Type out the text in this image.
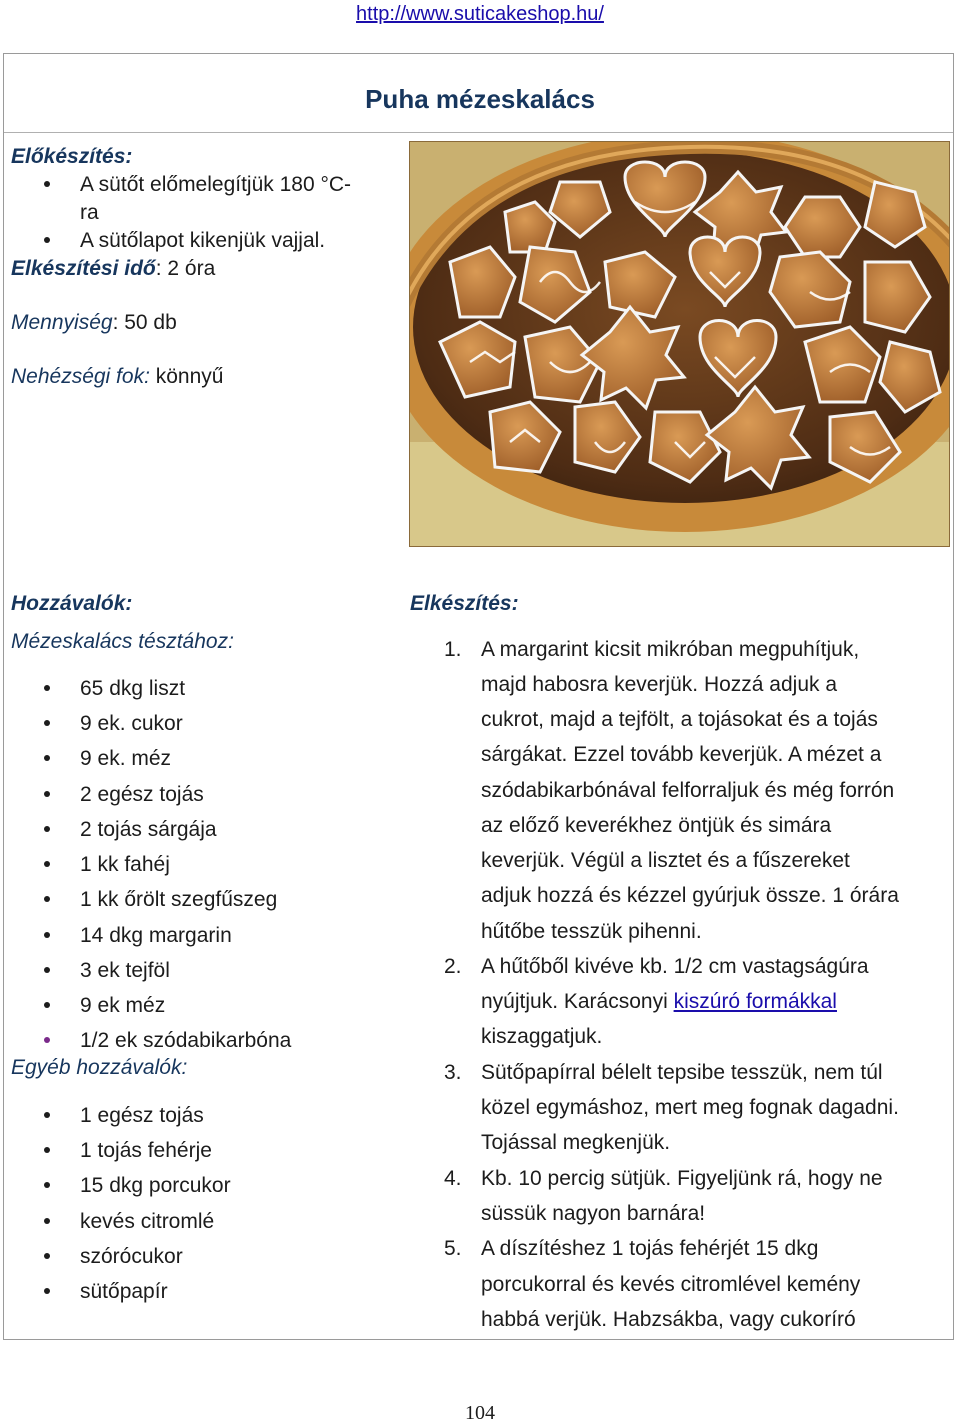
http://www.suticakeshop.hu/
Puha mézeskalács
Előkészítés:
A sütőt előmelegítjük 180 °C-
ra
A sütőlapot kikenjük vajjal.
Elkészítési idő: 2 óra
Mennyiség: 50 db
Nehézségi fok: könnyű
Hozzávalók:
Mézeskalács tésztához:
65 dkg liszt
9 ek. cukor
9 ek. méz
2 egész tojás
2 tojás sárgája
1 kk fahéj
1 kk őrölt szegfűszeg
14 dkg margarin
3 ek tejföl
9 ek méz
1/2 ek szódabikarbóna
Egyéb hozzávalók:
1 egész tojás
1 tojás fehérje
15 dkg porcukor
kevés citromlé
szórócukor
sütőpapír
Elkészítés:
1. A margarint kicsit mikróban megpuhítjuk,
majd habosra keverjük. Hozzá adjuk a
cukrot, majd a tejfölt, a tojásokat és a tojás
sárgákat. Ezzel tovább keverjük. A mézet a
szódabikarbónával felforraljuk és még forrón
az előző keverékhez öntjük és simára
keverjük. Végül a lisztet és a fűszereket
adjuk hozzá és kézzel gyúrjuk össze. 1 órára
hűtőbe tesszük pihenni.
2. A hűtőből kivéve kb. 1/2 cm vastagságúra
nyújtjuk. Karácsonyi kiszúró formákkal
kiszaggatjuk.
3. Sütőpapírral bélelt tepsibe tesszük, nem túl
közel egymáshoz, mert meg fognak dagadni.
Tojással megkenjük.
4. Kb. 10 percig sütjük. Figyeljünk rá, hogy ne
süssük nagyon barnára!
5. A díszítéshez 1 tojás fehérjét 15 dkg
porcukorral és kevés citromlével kemény
habbá verjük. Habzsákba, vagy cukoríró
104
